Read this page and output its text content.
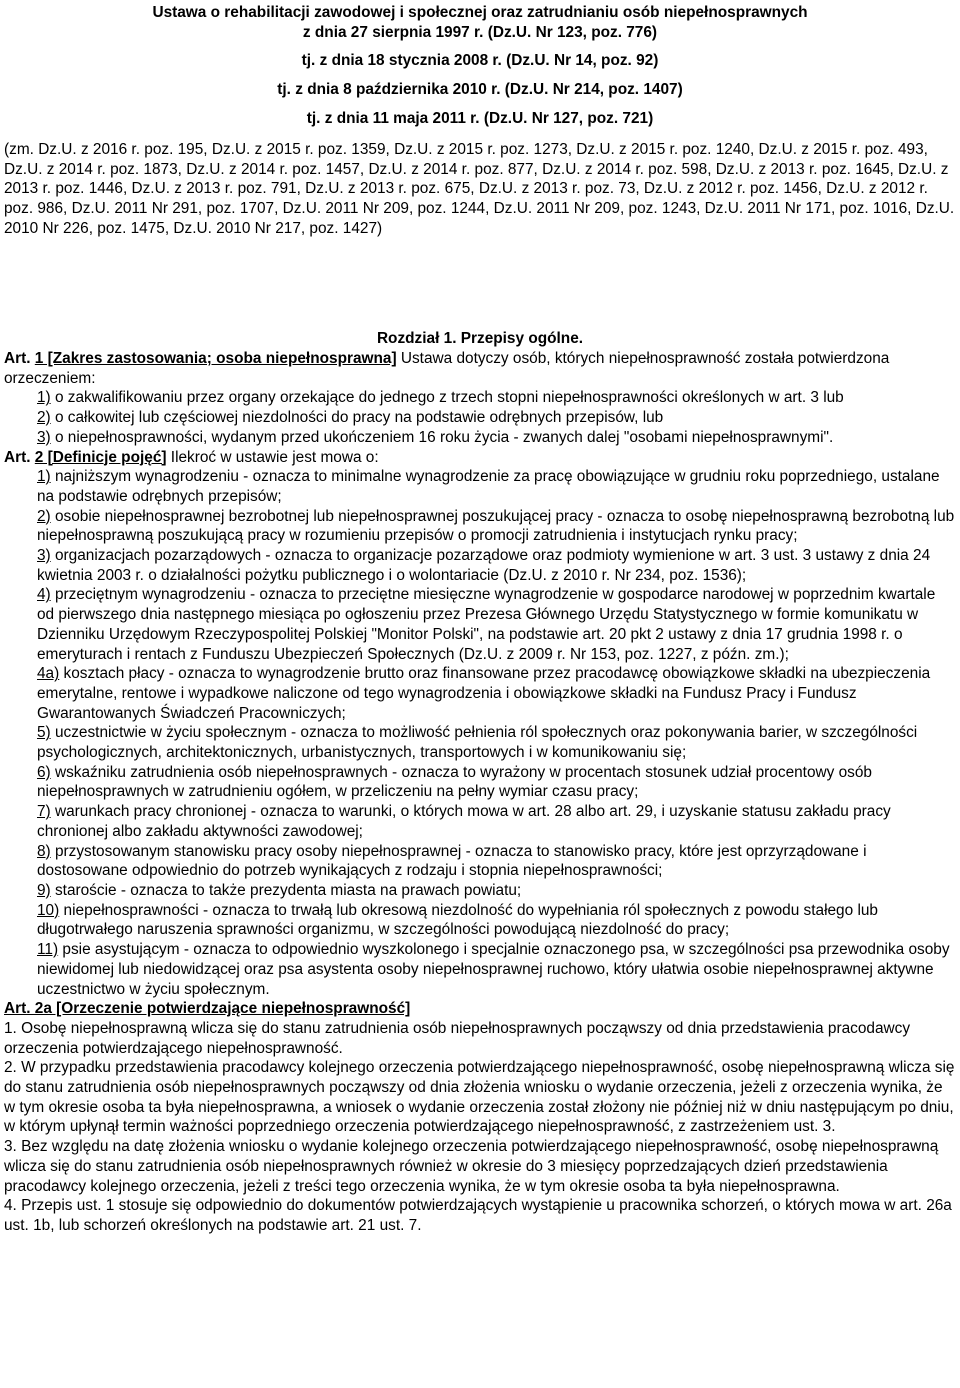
Ustawa o rehabilitacji zawodowej i społecznej oraz zatrudnianiu osób niepełnosprawnych
z dnia 27 sierpnia 1997 r. (Dz.U. Nr 123, poz. 776)
tj. z dnia 18 stycznia 2008 r. (Dz.U. Nr 14, poz. 92)
tj. z dnia 8 października 2010 r. (Dz.U. Nr 214, poz. 1407)
tj. z dnia 11 maja 2011 r. (Dz.U. Nr 127, poz. 721)

(zm. Dz.U. z 2016 r. poz. 195, Dz.U. z 2015 r. poz. 1359, Dz.U. z 2015 r. poz. 1273, Dz.U. z 2015 r. poz. 1240, Dz.U. z 2015 r. poz. 493, Dz.U. z 2014 r. poz. 1873, Dz.U. z 2014 r. poz. 1457, Dz.U. z 2014 r. poz. 877, Dz.U. z 2014 r. poz. 598, Dz.U. z 2013 r. poz. 1645, Dz.U. z 2013 r. poz. 1446, Dz.U. z 2013 r. poz. 791, Dz.U. z 2013 r. poz. 675, Dz.U. z 2013 r. poz. 73, Dz.U. z 2012 r. poz. 1456, Dz.U. z 2012 r. poz. 986, Dz.U. 2011 Nr 291, poz. 1707, Dz.U. 2011 Nr 209, poz. 1244, Dz.U. 2011 Nr 209, poz. 1243, Dz.U. 2011 Nr 171, poz. 1016, Dz.U. 2010 Nr 226, poz. 1475, Dz.U. 2010 Nr 217, poz. 1427)

Rozdział 1. Przepisy ogólne.

Art. 1 [Zakres zastosowania; osoba niepełnosprawna] Ustawa dotyczy osób, których niepełnosprawność została potwierdzona orzeczeniem:

1) o zakwalifikowaniu przez organy orzekające do jednego z trzech stopni niepełnosprawności określonych w art. 3 lub

2) o całkowitej lub częściowej niezdolności do pracy na podstawie odrębnych przepisów, lub

3) o niepełnosprawności, wydanym przed ukończeniem 16 roku życia - zwanych dalej "osobami niepełnosprawnymi".

Art. 2 [Definicje pojęć] Ilekroć w ustawie jest mowa o:

1) najniższym wynagrodzeniu - oznacza to minimalne wynagrodzenie za pracę obowiązujące w grudniu roku poprzedniego, ustalane na podstawie odrębnych przepisów;

2) osobie niepełnosprawnej bezrobotnej lub niepełnosprawnej poszukującej pracy - oznacza to osobę niepełnosprawną bezrobotną lub niepełnosprawną poszukującą pracy w rozumieniu przepisów o promocji zatrudnienia i instytucjach rynku pracy;

3) organizacjach pozarządowych - oznacza to organizacje pozarządowe oraz podmioty wymienione w art. 3 ust. 3 ustawy z dnia 24 kwietnia 2003 r. o działalności pożytku publicznego i o wolontariacie (Dz.U. z 2010 r. Nr 234, poz. 1536);

4) przeciętnym wynagrodzeniu - oznacza to przeciętne miesięczne wynagrodzenie w gospodarce narodowej w poprzednim kwartale od pierwszego dnia następnego miesiąca po ogłoszeniu przez Prezesa Głównego Urzędu Statystycznego w formie komunikatu w Dzienniku Urzędowym Rzeczypospolitej Polskiej "Monitor Polski", na podstawie art. 20 pkt 2 ustawy z dnia 17 grudnia 1998 r. o emeryturach i rentach z Funduszu Ubezpieczeń Społecznych (Dz.U. z 2009 r. Nr 153, poz. 1227, z późn. zm.);

4a) kosztach płacy - oznacza to wynagrodzenie brutto oraz finansowane przez pracodawcę obowiązkowe składki na ubezpieczenia emerytalne, rentowe i wypadkowe naliczone od tego wynagrodzenia i obowiązkowe składki na Fundusz Pracy i Fundusz Gwarantowanych Świadczeń Pracowniczych;

5) uczestnictwie w życiu społecznym - oznacza to możliwość pełnienia ról społecznych oraz pokonywania barier, w szczególności psychologicznych, architektonicznych, urbanistycznych, transportowych i w komunikowaniu się;

6) wskaźniku zatrudnienia osób niepełnosprawnych - oznacza to wyrażony w procentach stosunek udział procentowy osób niepełnosprawnych w zatrudnieniu ogółem, w przeliczeniu na pełny wymiar czasu pracy;

7) warunkach pracy chronionej - oznacza to warunki, o których mowa w art. 28 albo art. 29, i uzyskanie statusu zakładu pracy chronionej albo zakładu aktywności zawodowej;

8) przystosowanym stanowisku pracy osoby niepełnosprawnej - oznacza to stanowisko pracy, które jest oprzyrządowane i dostosowane odpowiednio do potrzeb wynikających z rodzaju i stopnia niepełnosprawności;

9) staroście - oznacza to także prezydenta miasta na prawach powiatu;

10) niepełnosprawności - oznacza to trwałą lub okresową niezdolność do wypełniania ról społecznych z powodu stałego lub długotrwałego naruszenia sprawności organizmu, w szczególności powodującą niezdolność do pracy;

11) psie asystującym - oznacza to odpowiednio wyszkolonego i specjalnie oznaczonego psa, w szczególności psa przewodnika osoby niewidomej lub niedowidzącej oraz psa asystenta osoby niepełnosprawnej ruchowo, który ułatwia osobie niepełnosprawnej aktywne uczestnictwo w życiu społecznym.

Art. 2a [Orzeczenie potwierdzające niepełnosprawność]

1. Osobę niepełnosprawną wlicza się do stanu zatrudnienia osób niepełnosprawnych począwszy od dnia przedstawienia pracodawcy orzeczenia potwierdzającego niepełnosprawność.

2. W przypadku przedstawienia pracodawcy kolejnego orzeczenia potwierdzającego niepełnosprawność, osobę niepełnosprawną wlicza się do stanu zatrudnienia osób niepełnosprawnych począwszy od dnia złożenia wniosku o wydanie orzeczenia, jeżeli z orzeczenia wynika, że w tym okresie osoba ta była niepełnosprawna, a wniosek o wydanie orzeczenia został złożony nie później niż w dniu następującym po dniu, w którym upłynął termin ważności poprzedniego orzeczenia potwierdzającego niepełnosprawność, z zastrzeżeniem ust. 3.

3. Bez względu na datę złożenia wniosku o wydanie kolejnego orzeczenia potwierdzającego niepełnosprawność, osobę niepełnosprawną wlicza się do stanu zatrudnienia osób niepełnosprawnych również w okresie do 3 miesięcy poprzedzających dzień przedstawienia pracodawcy kolejnego orzeczenia, jeżeli z treści tego orzeczenia wynika, że w tym okresie osoba ta była niepełnosprawna.

4. Przepis ust. 1 stosuje się odpowiednio do dokumentów potwierdzających wystąpienie u pracownika schorzeń, o których mowa w art. 26a ust. 1b, lub schorzeń określonych na podstawie art. 21 ust. 7.
